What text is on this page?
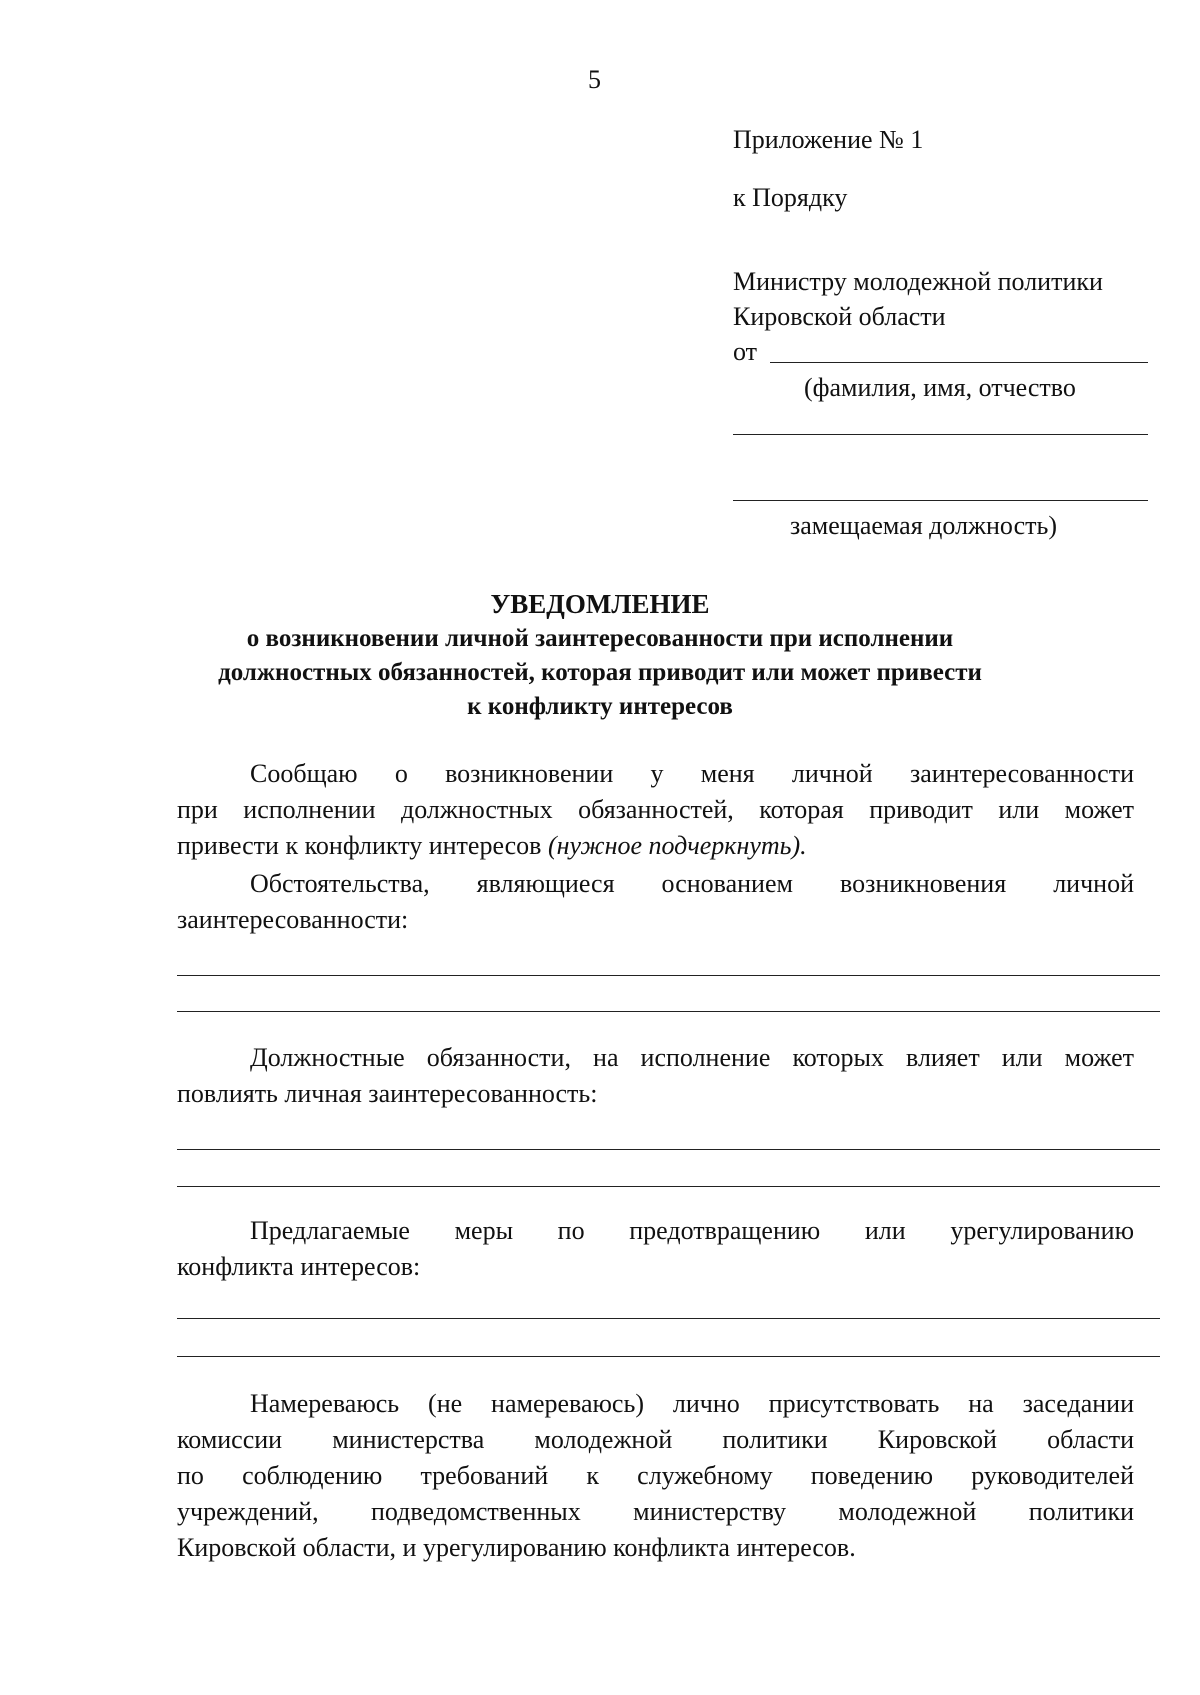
5
Приложение № 1
к Порядку
Министру молодежной политики
Кировской области
от
(фамилия, имя, отчество
замещаемая должность)
УВЕДОМЛЕНИЕ
о возникновении личной заинтересованности при исполнении
должностных обязанностей, которая приводит или может привести
к конфликту интересов
Сообщаю о возникновении у меня личной заинтересованности
при исполнении должностных обязанностей, которая приводит или может
привести к конфликту интересов (нужное подчеркнуть).
Обстоятельства, являющиеся основанием возникновения личной
заинтересованности:
Должностные обязанности, на исполнение которых влияет или может
повлиять личная заинтересованность:
Предлагаемые меры по предотвращению или урегулированию
конфликта интересов:
Намереваюсь (не намереваюсь) лично присутствовать на заседании
комиссии министерства молодежной политики Кировской области
по соблюдению требований к служебному поведению руководителей
учреждений, подведомственных министерству молодежной политики
Кировской области, и урегулированию конфликта интересов.
